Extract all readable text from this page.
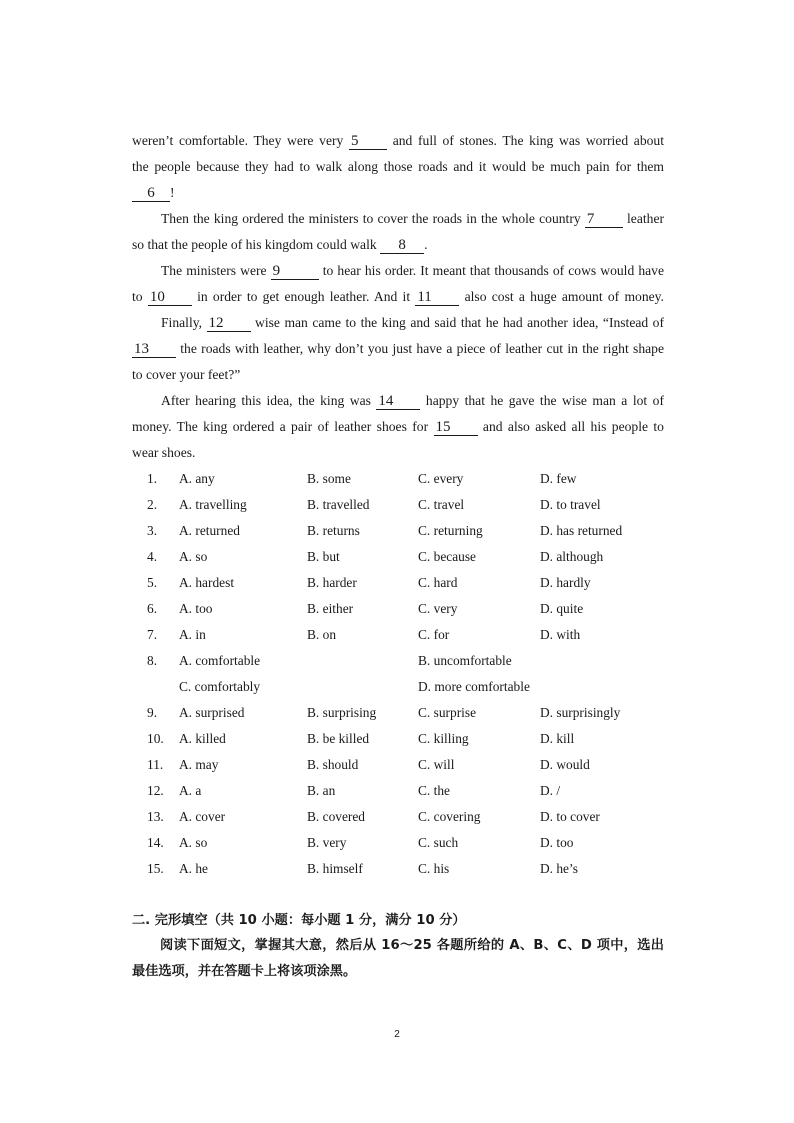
weren’t comfortable. They were very 5	and full of stones. The king was worried about
the people because they had to walk along those roads and it would be much pain for them
6 !
Then the king ordered the ministers to cover the roads in the whole country 7 leather
so that the people of his kingdom could walk 8 .
The ministers were 9	to hear his order. It meant that thousands of cows would have
to 10 in order to get enough leather. And it 11 also cost a huge amount of money.
Finally, 12 wise man came to the king and said that he had another idea, “Instead of
13 the roads with leather, why don’t you just have a piece of leather cut in the right shape
to cover your feet?”
After hearing this idea, the king was 14 happy that he gave the wise man a lot of
money. The king ordered a pair of leather shoes for 15 and also asked all his people to
wear shoes.
1. A. any	B. some	C. every	D. few
2. A. travelling	B. travelled	C. travel	D. to travel
3. A. returned	B. returns	C. returning	D. has returned
4. A. so	B. but	C. because	D. although
5. A. hardest	B. harder	C. hard	D. hardly
6. A. too	B. either	C. very	D. quite
7. A. in	B. on	C. for	D. with
8. A. comfortable	B. uncomfortable
C. comfortably	D. more comfortable
9. A. surprised	B. surprising	C. surprise	D. surprisingly
10. A. killed	B. be killed	C. killing	D. kill
11. A. may	B. should	C. will	D. would
12. A. a	B. an	C. the	D. /
13. A. cover	B. covered	C. covering	D. to cover
14. A. so	B. very	C. such	D. too
15. A. he	B. himself	C. his	D. he’s
二. 完形填空（共 10 小题：每小题 1 分，满分 10 分）
阅读下面短文，掌握其大意，然后从 16～25 各题所给的 A、B、C、D 项中，选出最佳选项，并在答题卡上将该项涂黑。
2
